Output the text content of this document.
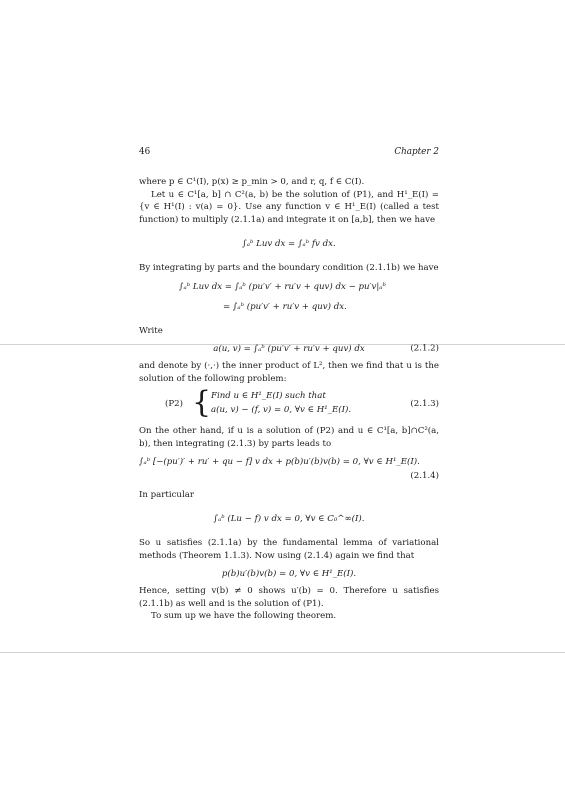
46	Chapter 2

where p ∈ C¹(I), p(x) ≥ p_min > 0, and r, q, f ∈ C(I).

Let u ∈ C¹[a, b] ∩ C²(a, b) be the solution of (P1), and H¹_E(I) = {v ∈ H¹(I) : v(a) = 0}. Use any function v ∈ H¹_E(I) (called a test function) to multiply (2.1.1a) and integrate it on [a,b], then we have

∫ₐᵇ Luv dx = ∫ₐᵇ fv dx.

By integrating by parts and the boundary condition (2.1.1b) we have

∫ₐᵇ Luv dx = ∫ₐᵇ (pu′v′ + ru′v + quv) dx − pu′v|ₐᵇ
= ∫ₐᵇ (pu′v′ + ru′v + quv) dx.

Write

a(u, v) = ∫ₐᵇ (pu′v′ + ru′v + quv) dx	(2.1.2)

and denote by (·,·) the inner product of L², then we find that u is the solution of the following problem:

(P2) { Find u ∈ H¹_E(I) such that
a(u, v) − (f, v) = 0, ∀v ∈ H¹_E(I).
(2.1.3)

On the other hand, if u is a solution of (P2) and u ∈ C¹[a, b]∩C²(a, b), then integrating (2.1.3) by parts leads to

∫ₐᵇ [−(pu′)′ + ru′ + qu − f] v dx + p(b)u′(b)v(b) = 0, ∀v ∈ H¹_E(I).
(2.1.4)

In particular

∫ₐᵇ (Lu − f) v dx = 0, ∀v ∈ C₀^∞(I).

So u satisfies (2.1.1a) by the fundamental lemma of variational methods (Theorem 1.1.3). Now using (2.1.4) again we find that

p(b)u′(b)v(b) = 0, ∀v ∈ H¹_E(I).

Hence, setting v(b) ≠ 0 shows u′(b) = 0. Therefore u satisfies (2.1.1b) as well and is the solution of (P1).

To sum up we have the following theorem.
